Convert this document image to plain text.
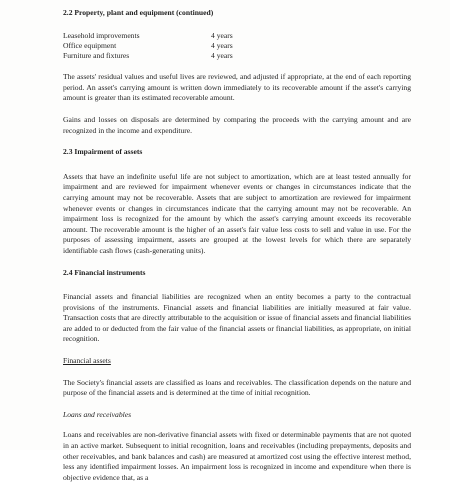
2.2 Property, plant and equipment (continued)
Leasehold improvements	4 years
Office equipment	4 years
Furniture and fixtures	4 years

The assets' residual values and useful lives are reviewed, and adjusted if appropriate, at the end of each reporting period. An asset's carrying amount is written down immediately to its recoverable amount if the asset's carrying amount is greater than its estimated recoverable amount.

Gains and losses on disposals are determined by comparing the proceeds with the carrying amount and are recognized in the income and expenditure.

2.3 Impairment of assets

Assets that have an indefinite useful life are not subject to amortization, which are at least tested annually for impairment and are reviewed for impairment whenever events or changes in circumstances indicate that the carrying amount may not be recoverable. Assets that are subject to amortization are reviewed for impairment whenever events or changes in circumstances indicate that the carrying amount may not be recoverable. An impairment loss is recognized for the amount by which the asset's carrying amount exceeds its recoverable amount. The recoverable amount is the higher of an asset's fair value less costs to sell and value in use. For the purposes of assessing impairment, assets are grouped at the lowest levels for which there are separately identifiable cash flows (cash-generating units).

2.4 Financial instruments

Financial assets and financial liabilities are recognized when an entity becomes a party to the contractual provisions of the instruments. Financial assets and financial liabilities are initially measured at fair value. Transaction costs that are directly attributable to the acquisition or issue of financial assets and financial liabilities are added to or deducted from the fair value of the financial assets or financial liabilities, as appropriate, on initial recognition.

Financial assets

The Society's financial assets are classified as loans and receivables. The classification depends on the nature and purpose of the financial assets and is determined at the time of initial recognition.

Loans and receivables

Loans and receivables are non-derivative financial assets with fixed or determinable payments that are not quoted in an active market. Subsequent to initial recognition, loans and receivables (including prepayments, deposits and other receivables, and bank balances and cash) are measured at amortized cost using the effective interest method, less any identified impairment losses. An impairment loss is recognized in income and expenditure when there is objective evidence that, as a
